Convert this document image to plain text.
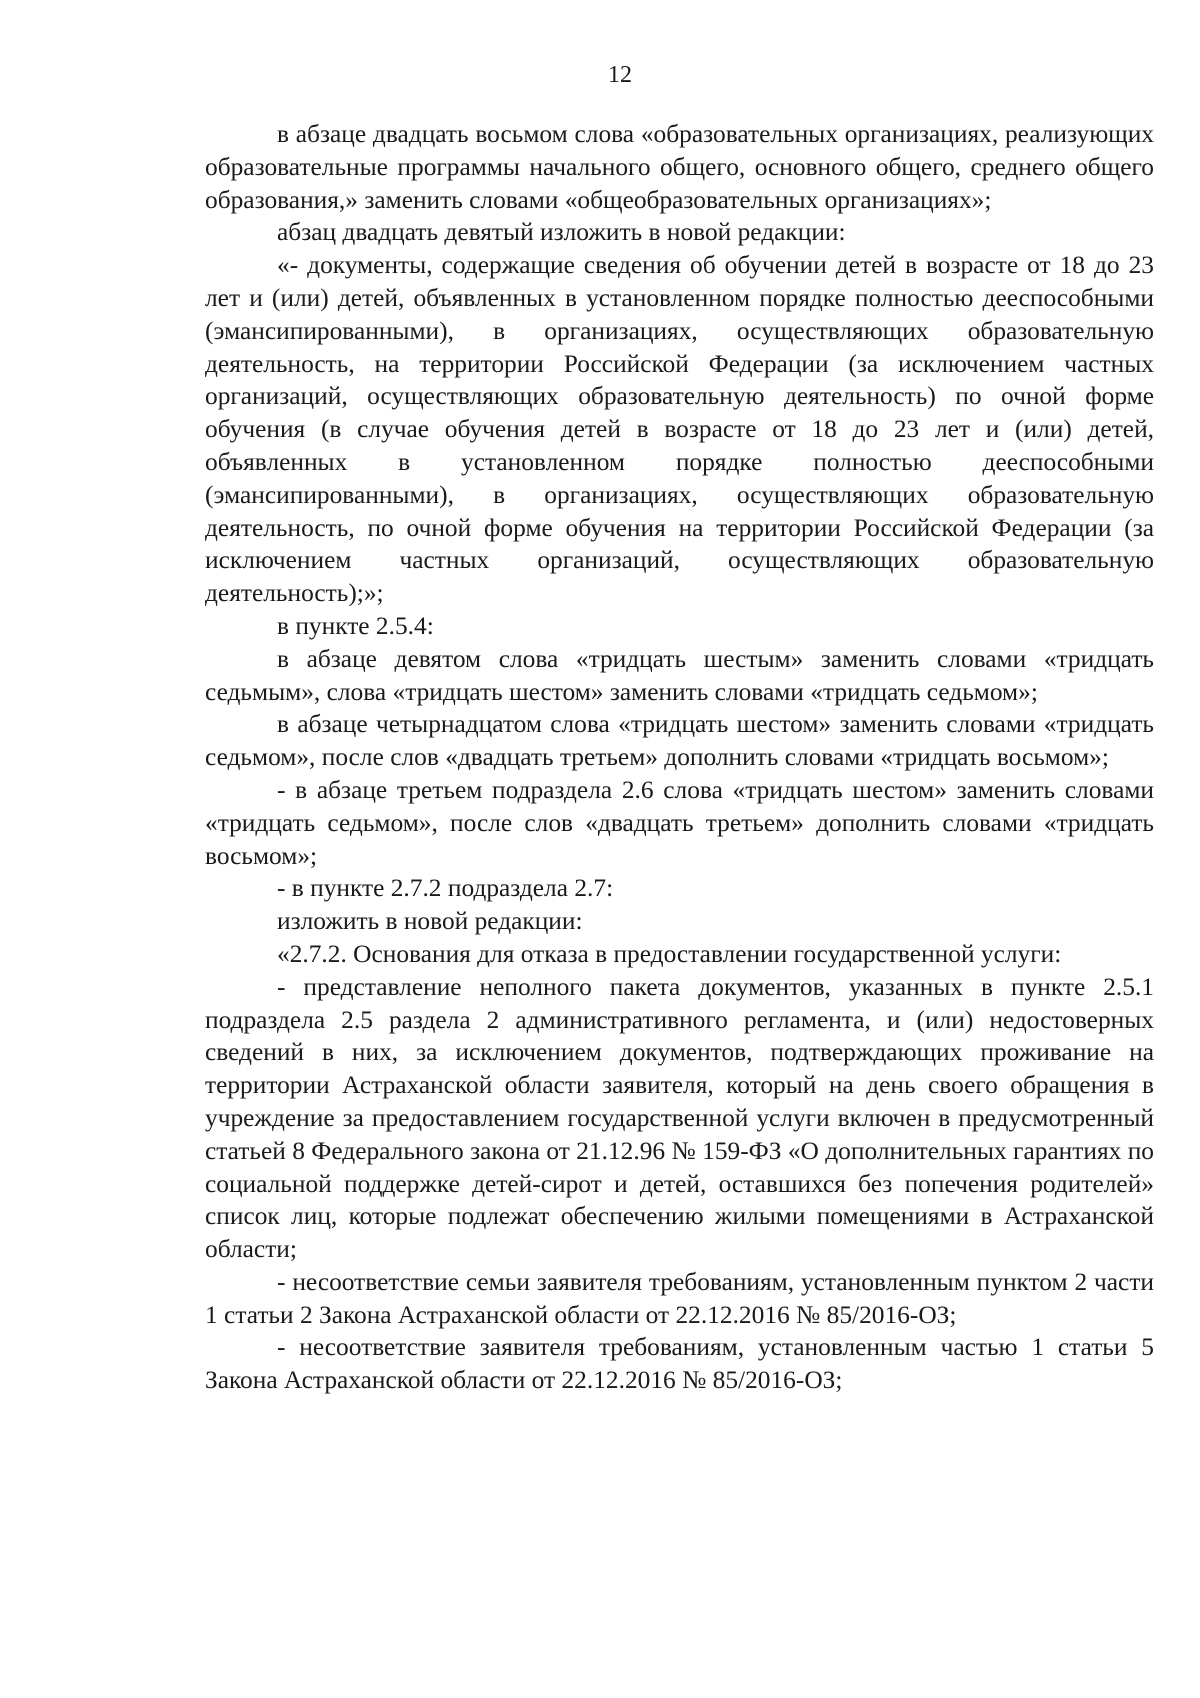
12

в абзаце двадцать восьмом слова «образовательных организациях, реализующих образовательные программы начального общего, основного общего, среднего общего образования,» заменить словами «общеобразовательных организациях»;

абзац двадцать девятый изложить в новой редакции:

«- документы, содержащие сведения об обучении детей в возрасте от 18 до 23 лет и (или) детей, объявленных в установленном порядке полностью дееспособными (эмансипированными), в организациях, осуществляющих образовательную деятельность, на территории Российской Федерации (за исключением частных организаций, осуществляющих образовательную деятельность) по очной форме обучения (в случае обучения детей в возрасте от 18 до 23 лет и (или) детей, объявленных в установленном порядке полностью дееспособными (эмансипированными), в организациях, осуществляющих образовательную деятельность, по очной форме обучения на территории Российской Федерации (за исключением частных организаций, осуществляющих образовательную деятельность);»;

в пункте 2.5.4:

в абзаце девятом слова «тридцать шестым» заменить словами «тридцать седьмым», слова «тридцать шестом» заменить словами «тридцать седьмом»;

в абзаце четырнадцатом слова «тридцать шестом» заменить словами «тридцать седьмом», после слов «двадцать третьем» дополнить словами «тридцать восьмом»;

- в абзаце третьем подраздела 2.6 слова «тридцать шестом» заменить словами «тридцать седьмом», после слов «двадцать третьем» дополнить словами «тридцать восьмом»;

- в пункте 2.7.2 подраздела 2.7:

изложить в новой редакции:

«2.7.2. Основания для отказа в предоставлении государственной услуги:

- представление неполного пакета документов, указанных в пункте 2.5.1 подраздела 2.5 раздела 2 административного регламента, и (или) недостоверных сведений в них, за исключением документов, подтверждающих проживание на территории Астраханской области заявителя, который на день своего обращения в учреждение за предоставлением государственной услуги включен в предусмотренный статьей 8 Федерального закона от 21.12.96 № 159-ФЗ «О дополнительных гарантиях по социальной поддержке детей-сирот и детей, оставшихся без попечения родителей» список лиц, которые подлежат обеспечению жилыми помещениями в Астраханской области;

- несоответствие семьи заявителя требованиям, установленным пунктом 2 части 1 статьи 2 Закона Астраханской области от 22.12.2016 № 85/2016-ОЗ;

- несоответствие заявителя требованиям, установленным частью 1 статьи 5 Закона Астраханской области от 22.12.2016 № 85/2016-ОЗ;
